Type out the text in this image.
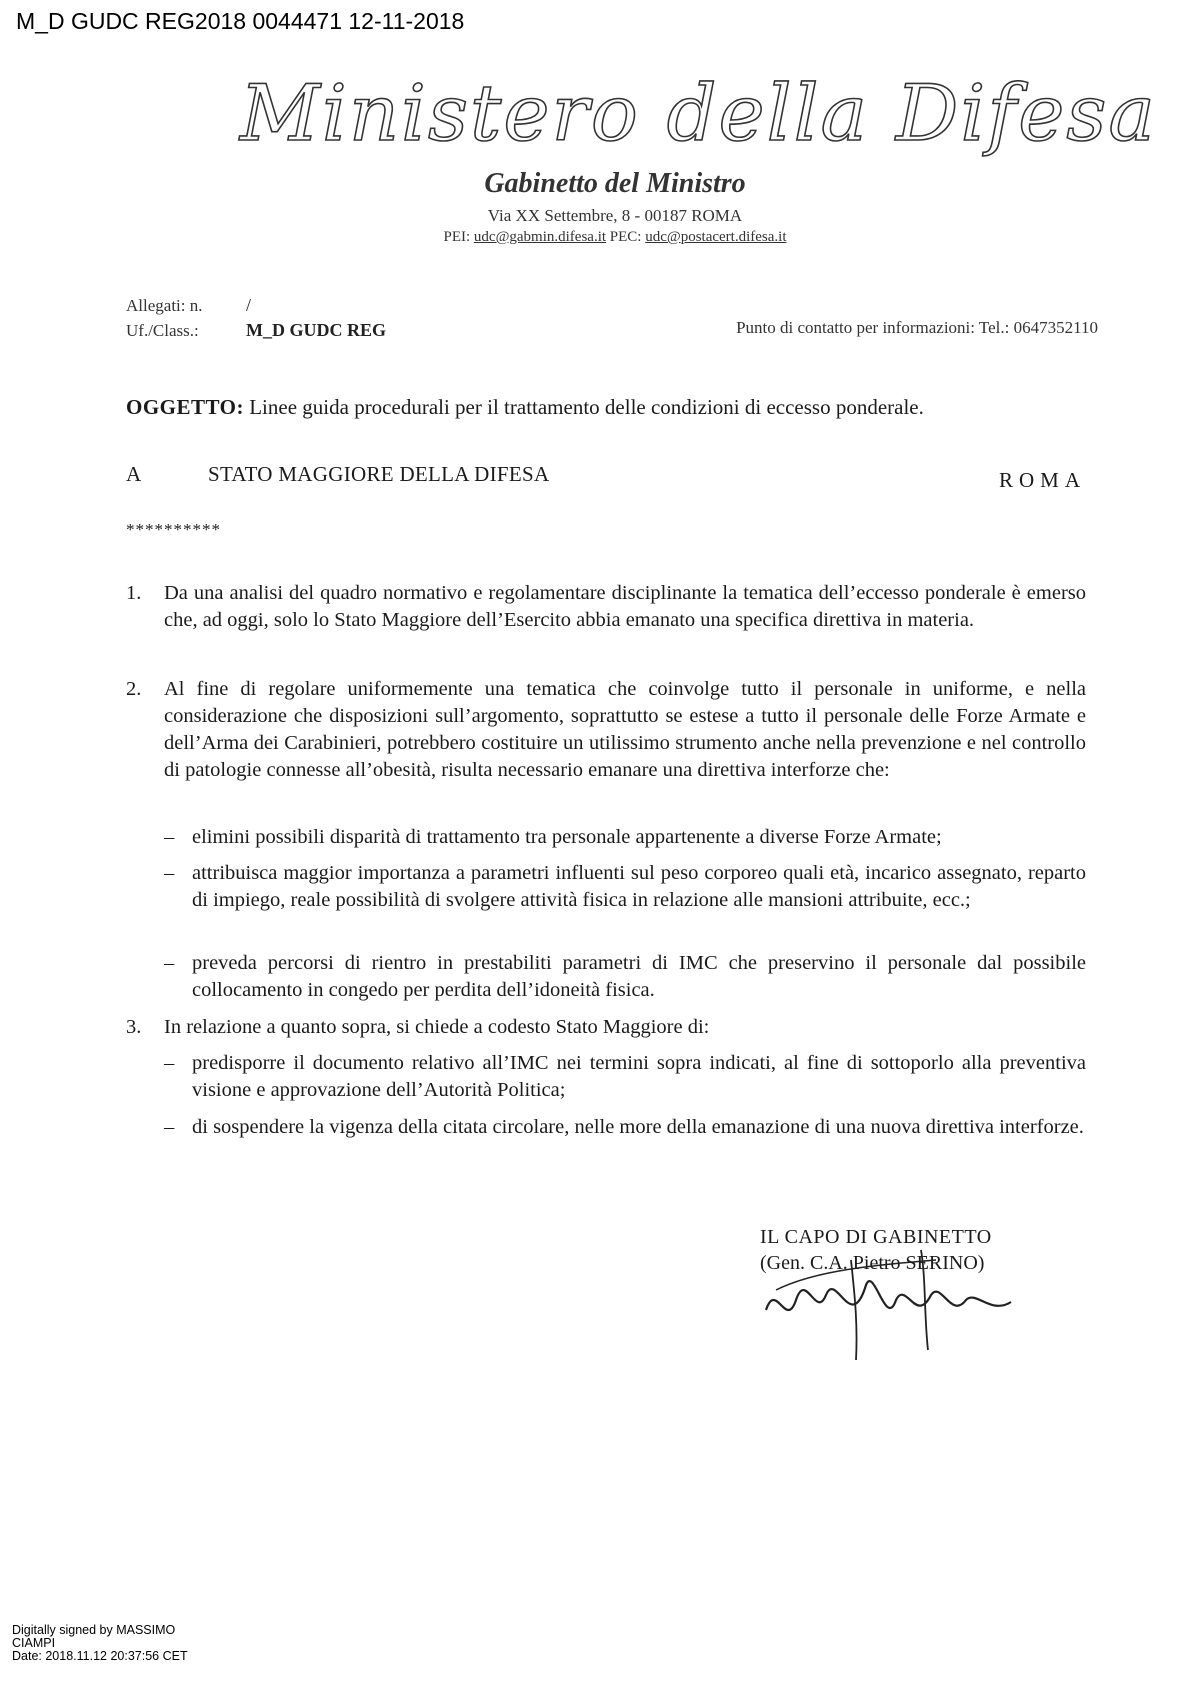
M_D GUDC REG2018 0044471 12-11-2018
Ministero della Difesa
Gabinetto del Ministro
Via XX Settembre, 8 - 00187 ROMA
PEI: udc@gabmin.difesa.it PEC: udc@postacert.difesa.it
Allegati: n. /
Uf./Class.:	M_D GUDC REG	Punto di contatto per informazioni: Tel.: 0647352110
OGGETTO: Linee guida procedurali per il trattamento delle condizioni di eccesso ponderale.
A	STATO MAGGIORE DELLA DIFESA	ROMA
**********
1. Da una analisi del quadro normativo e regolamentare disciplinante la tematica dell’eccesso ponderale è emerso che, ad oggi, solo lo Stato Maggiore dell’Esercito abbia emanato una specifica direttiva in materia.
2. Al fine di regolare uniformemente una tematica che coinvolge tutto il personale in uniforme, e nella considerazione che disposizioni sull’argomento, soprattutto se estese a tutto il personale delle Forze Armate e dell’Arma dei Carabinieri, potrebbero costituire un utilissimo strumento anche nella prevenzione e nel controllo di patologie connesse all’obesità, risulta necessario emanare una direttiva interforze che:
– elimini possibili disparità di trattamento tra personale appartenente a diverse Forze Armate;
– attribuisca maggior importanza a parametri influenti sul peso corporeo quali età, incarico assegnato, reparto di impiego, reale possibilità di svolgere attività fisica in relazione alle mansioni attribuite, ecc.;
– preveda percorsi di rientro in prestabiliti parametri di IMC che preservino il personale dal possibile collocamento in congedo per perdita dell’idoneità fisica.
3. In relazione a quanto sopra, si chiede a codesto Stato Maggiore di:
– predisporre il documento relativo all’IMC nei termini sopra indicati, al fine di sottoporlo alla preventiva visione e approvazione dell’Autorità Politica;
– di sospendere la vigenza della citata circolare, nelle more della emanazione di una nuova direttiva interforze.
IL CAPO DI GABINETTO
(Gen. C.A. Pietro SERINO)
Digitally signed by MASSIMO
CIAMPI
Date: 2018.11.12 20:37:56 CET
